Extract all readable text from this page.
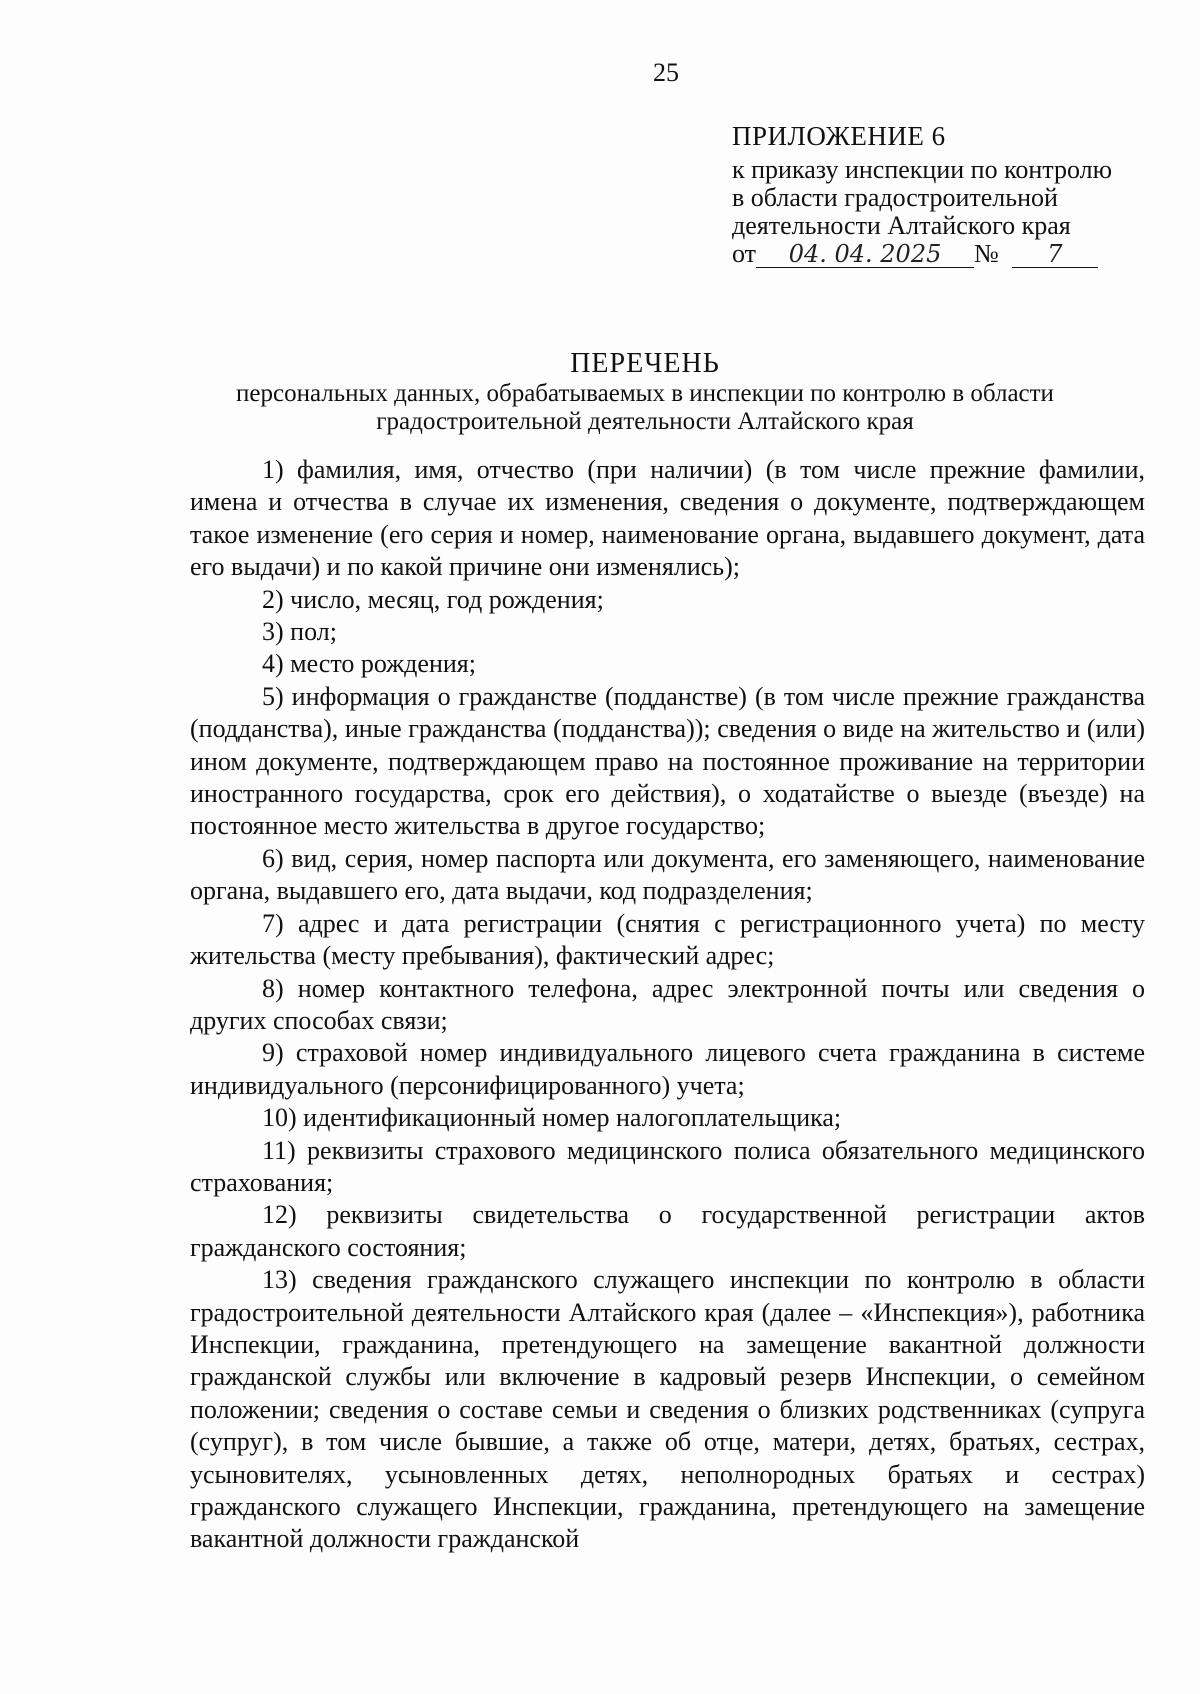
25
ПРИЛОЖЕНИЕ 6
к приказу инспекции по контролю
в области градостроительной
деятельности Алтайского края
от 04. 04. 2025 № 7
ПЕРЕЧЕНЬ
персональных данных, обрабатываемых в инспекции по контролю в области
градостроительной деятельности Алтайского края

1) фамилия, имя, отчество (при наличии) (в том числе прежние фамилии, имена и отчества в случае их изменения, сведения о документе, подтверждающем такое изменение (его серия и номер, наименование органа, выдавшего документ, дата его выдачи) и по какой причине они изменялись);

2) число, месяц, год рождения;

3) пол;

4) место рождения;

5) информация о гражданстве (подданстве) (в том числе прежние гражданства (подданства), иные гражданства (подданства)); сведения о виде на жительство и (или) ином документе, подтверждающем право на постоянное проживание на территории иностранного государства, срок его действия), о ходатайстве о выезде (въезде) на постоянное место жительства в другое государство;

6) вид, серия, номер паспорта или документа, его заменяющего, наименование органа, выдавшего его, дата выдачи, код подразделения;

7) адрес и дата регистрации (снятия с регистрационного учета) по месту жительства (месту пребывания), фактический адрес;

8) номер контактного телефона, адрес электронной почты или сведения о других способах связи;

9) страховой номер индивидуального лицевого счета гражданина в системе индивидуального (персонифицированного) учета;

10) идентификационный номер налогоплательщика;

11) реквизиты страхового медицинского полиса обязательного медицинского страхования;

12) реквизиты свидетельства о государственной регистрации актов гражданского состояния;

13) сведения гражданского служащего инспекции по контролю в области градостроительной деятельности Алтайского края (далее – «Инспекция»), работника Инспекции, гражданина, претендующего на замещение вакантной должности гражданской службы или включение в кадровый резерв Инспекции, о семейном положении; сведения о составе семьи и сведения о близких родственниках (супруга (супруг), в том числе бывшие, а также об отце, матери, детях, братьях, сестрах, усыновителях, усыновленных детях, неполнородных братьях и сестрах) гражданского служащего Инспекции, гражданина, претендующего на замещение вакантной должности гражданской
